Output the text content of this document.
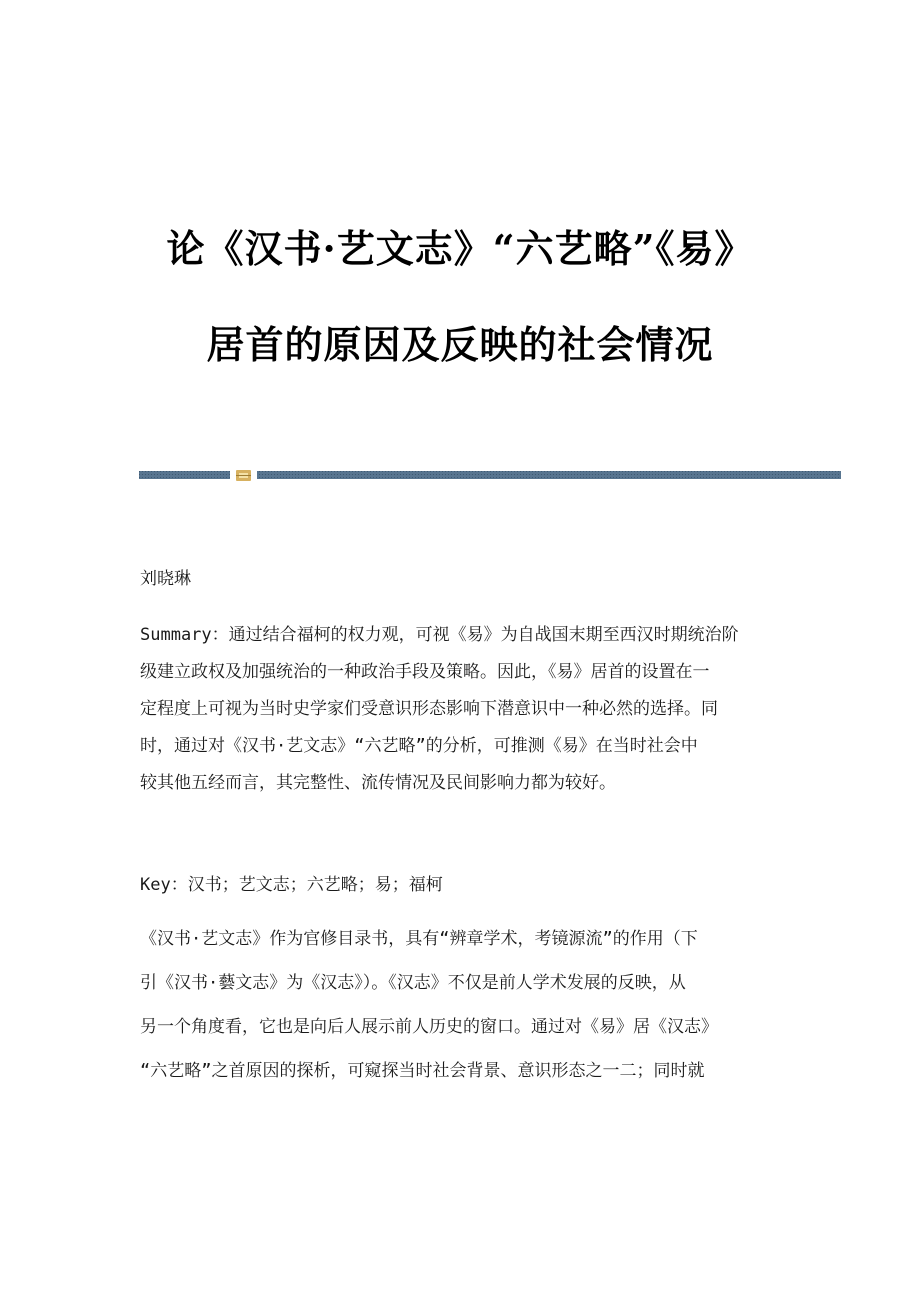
论《汉书·艺文志》“六艺略”《易》
居首的原因及反映的社会情况
刘晓琳
Summary：通过结合福柯的权力观，可视《易》为自战国末期至西汉时期统治阶
级建立政权及加强统治的一种政治手段及策略。因此，《易》居首的设置在一
定程度上可视为当时史学家们受意识形态影响下潜意识中一种必然的选择。同
时，通过对《汉书·艺文志》“六艺略”的分析，可推测《易》在当时社会中
较其他五经而言，其完整性、流传情况及民间影响力都为较好。
Key：汉书；艺文志；六艺略；易；福柯
《汉书·艺文志》作为官修目录书，具有“辨章学术，考镜源流”的作用（下
引《汉书·藝文志》为《汉志》）。《汉志》不仅是前人学术发展的反映，从
另一个角度看，它也是向后人展示前人历史的窗口。通过对《易》居《汉志》
“六艺略”之首原因的探析，可窥探当时社会背景、意识形态之一二；同时就
